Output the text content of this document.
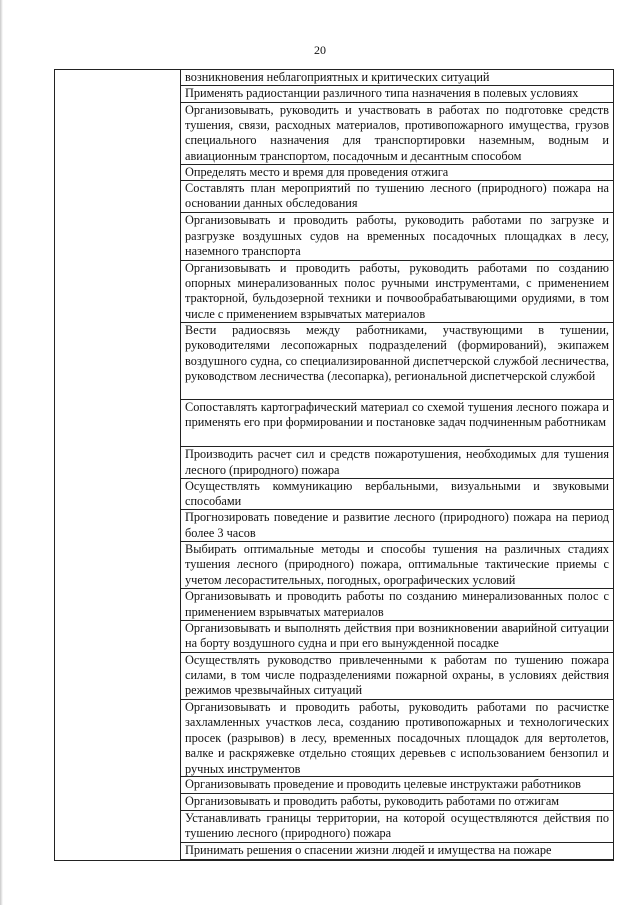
20
возникновения неблагоприятных и критических ситуаций
Применять радиостанции различного типа назначения в полевых условиях
Организовывать, руководить и участвовать в работах по подготовке средств тушения, связи, расходных материалов, противопожарного имущества, грузов специального назначения для транспортировки наземным, водным и авиационным транспортом, посадочным и десантным способом
Определять место и время для проведения отжига
Составлять план мероприятий по тушению лесного (природного) пожара на основании данных обследования
Организовывать и проводить работы, руководить работами по загрузке и разгрузке воздушных судов на временных посадочных площадках в лесу, наземного транспорта
Организовывать и проводить работы, руководить работами по созданию опорных минерализованных полос ручными инструментами, с применением тракторной, бульдозерной техники и почвообрабатывающими орудиями, в том числе с применением взрывчатых материалов
Вести радиосвязь между работниками, участвующими в тушении, руководителями лесопожарных подразделений (формирований), экипажем воздушного судна, со специализированной диспетчерской службой лесничества, руководством лесничества (лесопарка), региональной диспетчерской службой
Сопоставлять картографический материал со схемой тушения лесного пожара и применять его при формировании и постановке задач подчиненным работникам
Производить расчет сил и средств пожаротушения, необходимых для тушения лесного (природного) пожара
Осуществлять коммуникацию вербальными, визуальными и звуковыми способами
Прогнозировать поведение и развитие лесного (природного) пожара на период более 3 часов
Выбирать оптимальные методы и способы тушения на различных стадиях тушения лесного (природного) пожара, оптимальные тактические приемы с учетом лесорастительных, погодных, орографических условий
Организовывать и проводить работы по созданию минерализованных полос с применением взрывчатых материалов
Организовывать и выполнять действия при возникновении аварийной ситуации на борту воздушного судна и при его вынужденной посадке
Осуществлять руководство привлеченными к работам по тушению пожара силами, в том числе подразделениями пожарной охраны, в условиях действия режимов чрезвычайных ситуаций
Организовывать и проводить работы, руководить работами по расчистке захламленных участков леса, созданию противопожарных и технологических просек (разрывов) в лесу, временных посадочных площадок для вертолетов, валке и раскряжевке отдельно стоящих деревьев с использованием бензопил и ручных инструментов
Организовывать проведение и проводить целевые инструктажи работников
Организовывать и проводить работы, руководить работами по отжигам
Устанавливать границы территории, на которой осуществляются действия по тушению лесного (природного) пожара
Принимать решения о спасении жизни людей и имущества на пожаре
